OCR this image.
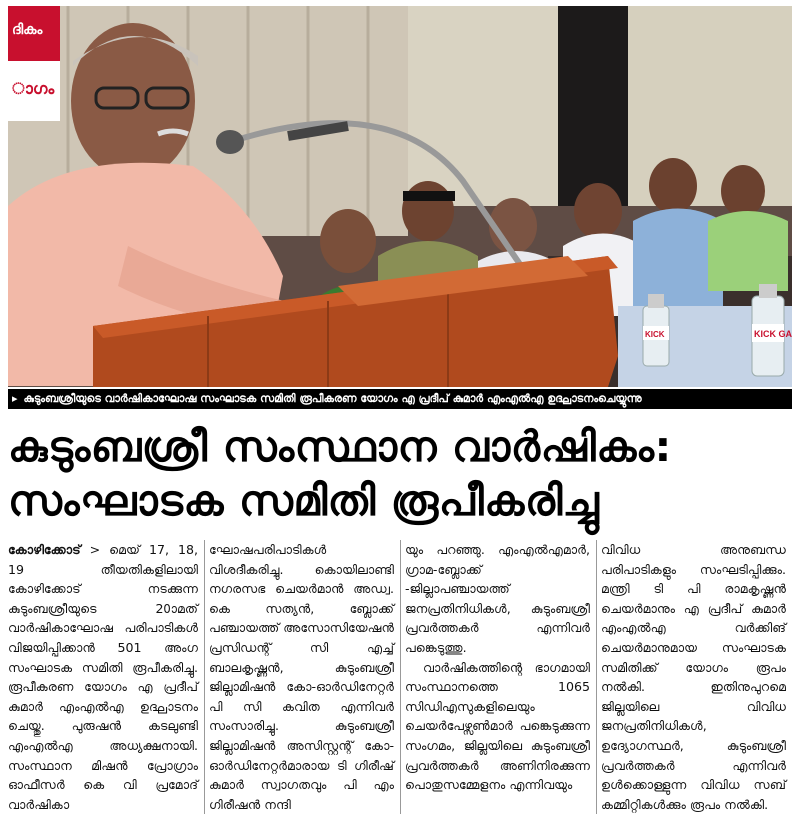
ദികം
ാഗം
KICK	KICK GA
▸ കുടുംബശ്രീയുടെ വാർഷികാഘോഷ സംഘാടക സമിതി രൂപീകരണ യോഗം എ പ്രദീപ് കുമാർ എംഎൽഎ ഉദ്ഘാടനംചെയ്യുന്നു
കുടുംബശ്രീ സംസ്ഥാന വാർഷികം:
സംഘാടക സമിതി രൂപീകരിച്ചു

കോഴിക്കോട് > മെയ് 17, 18, 19 തീയതികളിലായി കോഴിക്കോട് നടക്കുന്ന കുടുംബശ്രീയുടെ 20ാമത് വാർഷികാഘോഷ പരിപാടികൾ വിജയിപ്പിക്കാൻ 501 അംഗ സംഘാടക സമിതി രൂപീകരിച്ചു. രൂപീകരണ യോഗം എ പ്രദീപ് കുമാർ എംഎൽഎ ഉദ്ഘാടനം ചെയ്തു. പുരുഷൻ കടലുണ്ടി എംഎൽഎ അധ്യക്ഷനായി. സംസ്ഥാന മിഷൻ പ്രോഗ്രാം ഓഫീസർ കെ വി പ്രമോദ് വാർഷികാ

ഘോഷപരിപാടികൾ വിശദീകരിച്ചു. കൊയിലാണ്ടി നഗരസഭ ചെയർമാൻ അഡ്വ. കെ സത്യൻ, ബ്ലോക്ക് പഞ്ചായത്ത് അസോസിയേഷൻ പ്രസിഡന്റ് സി എച്ച് ബാലകൃഷ്ണൻ, കുടുംബശ്രീ ജില്ലാമിഷൻ കോ-ഓർഡിനേറ്റർ പി സി കവിത എന്നിവർ സംസാരിച്ചു. കുടുംബശ്രീ ജില്ലാമിഷൻ അസിസ്റ്റന്റ് കോ-ഓർഡിനേറ്റർമാരായ ടി ഗിരീഷ് കുമാർ സ്വാഗതവും പി എം ഗിരീഷൻ നന്ദി

യും പറഞ്ഞു. എംഎൽഎമാർ, ഗ്രാമ-ബ്ലോക്ക് -ജില്ലാപഞ്ചായത്ത് ജനപ്രതിനിധികൾ, കുടുംബശ്രീ പ്രവർത്തകർ എന്നിവർ പങ്കെടുത്തു.

വാർഷികത്തിന്റെ ഭാഗമായി സംസ്ഥാനത്തെ 1065 സിഡിഎസുകളിലെയും ചെയർപേഴ്സൺമാർ പങ്കെടുക്കുന്ന സംഗമം, ജില്ലയിലെ കുടുംബശ്രീ പ്രവർത്തകർ അണിനിരക്കുന്ന പൊതുസമ്മേളനം എന്നിവയും

വിവിധ അനുബന്ധ പരിപാടികളും സംഘടിപ്പിക്കും. മന്ത്രി ടി പി രാമകൃഷ്ണൻ ചെയർമാനും എ പ്രദീപ് കുമാർ എംഎൽഎ വർക്കിങ് ചെയർമാനുമായ സംഘാടക സമിതിക്ക് യോഗം രൂപം നൽകി. ഇതിനുപുറമെ ജില്ലയിലെ വിവിധ ജനപ്രതിനിധികൾ, ഉദ്യോഗസ്ഥർ, കുടുംബശ്രീ പ്രവർത്തകർ എന്നിവർ ഉൾക്കൊള്ളുന്ന വിവിധ സബ് കമ്മിറ്റികൾക്കും രൂപം നൽകി.
